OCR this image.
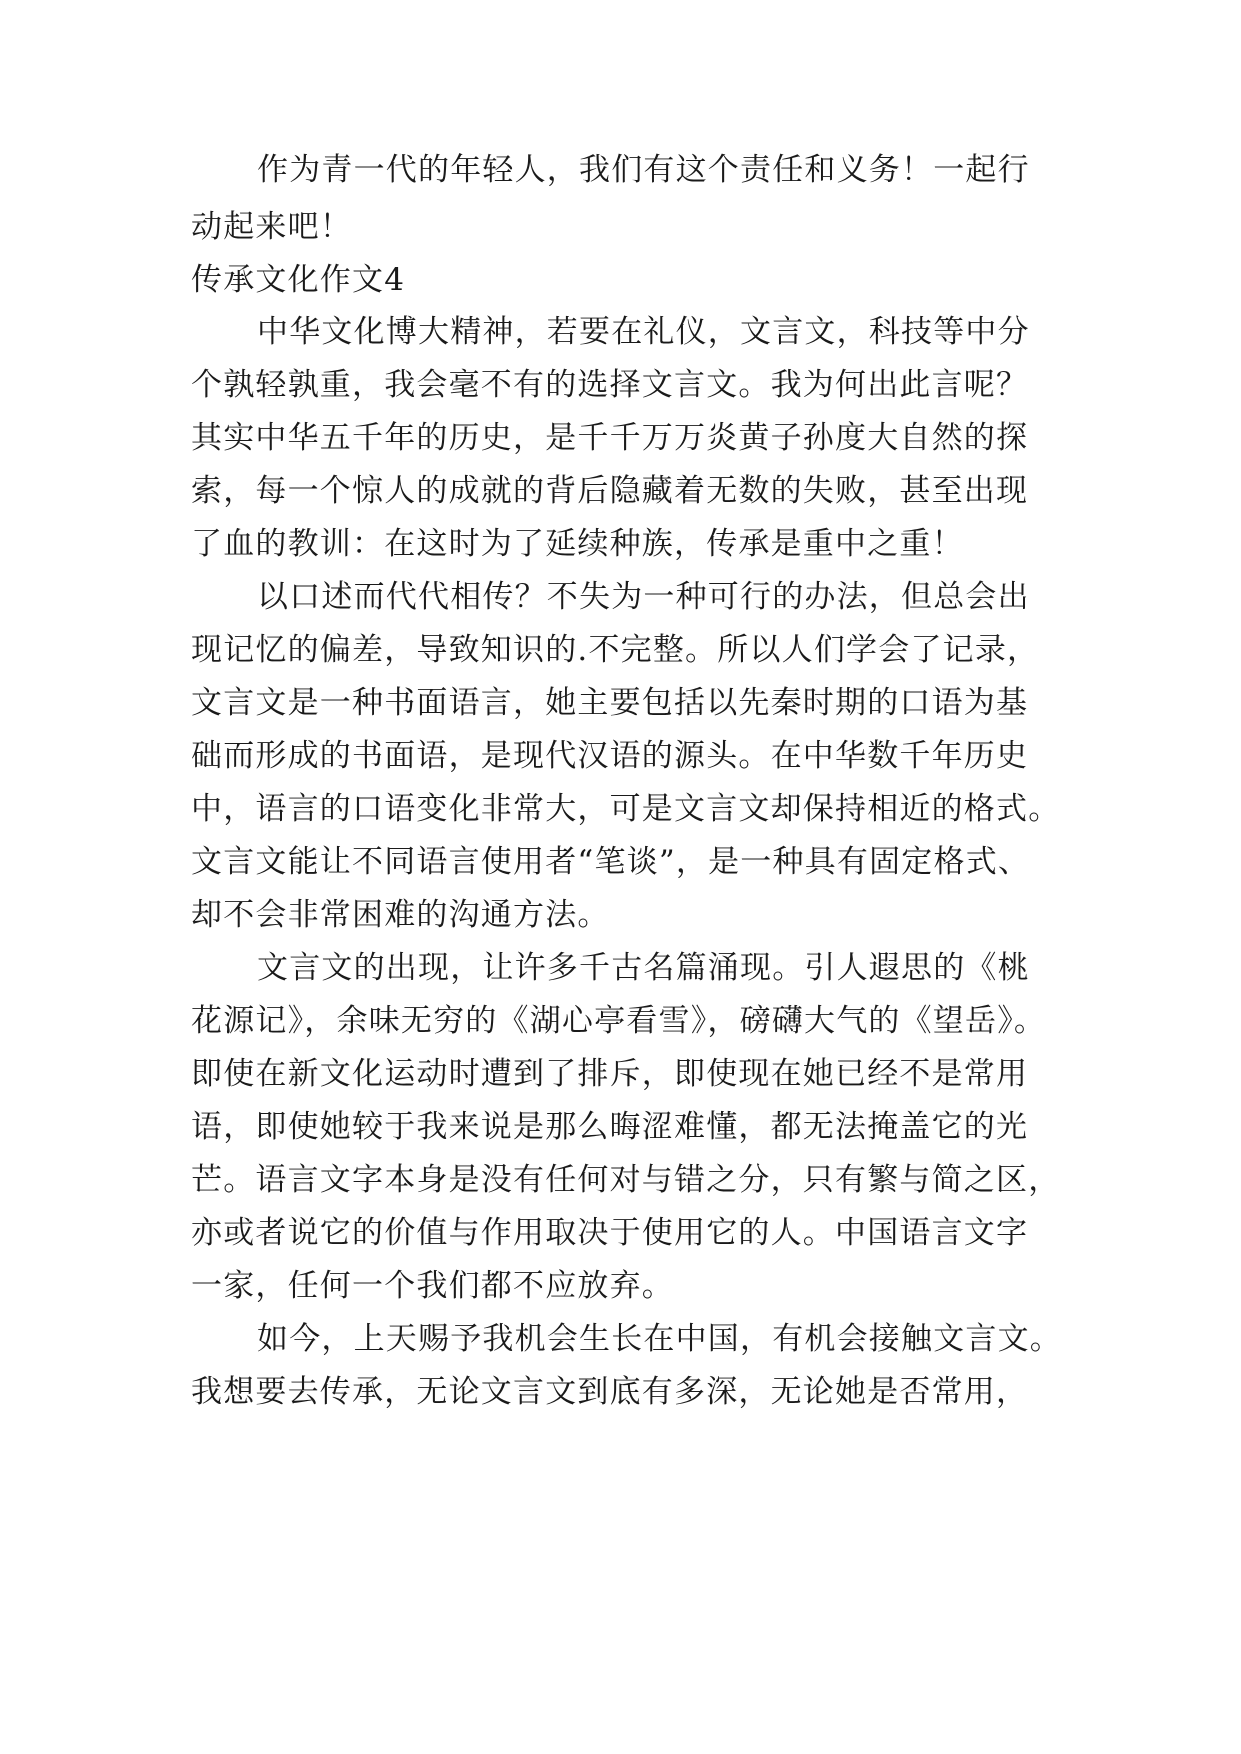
作为青一代的年轻人，我们有这个责任和义务！一起行
动起来吧！
传承文化作文4
中华文化博大精神，若要在礼仪，文言文，科技等中分
个孰轻孰重，我会毫不有的选择文言文。我为何出此言呢？
其实中华五千年的历史，是千千万万炎黄子孙度大自然的探
索，每一个惊人的成就的背后隐藏着无数的失败，甚至出现
了血的教训：在这时为了延续种族，传承是重中之重！
以口述而代代相传？不失为一种可行的办法，但总会出
现记忆的偏差，导致知识的.不完整。所以人们学会了记录，
文言文是一种书面语言，她主要包括以先秦时期的口语为基
础而形成的书面语，是现代汉语的源头。在中华数千年历史
中，语言的口语变化非常大，可是文言文却保持相近的格式。
文言文能让不同语言使用者“笔谈”，是一种具有固定格式、
却不会非常困难的沟通方法。
文言文的出现，让许多千古名篇涌现。引人遐思的《桃
花源记》，余味无穷的《湖心亭看雪》，磅礴大气的《望岳》。
即使在新文化运动时遭到了排斥，即使现在她已经不是常用
语，即使她较于我来说是那么晦涩难懂，都无法掩盖它的光
芒。语言文字本身是没有任何对与错之分，只有繁与简之区，
亦或者说它的价值与作用取决于使用它的人。中国语言文字
一家，任何一个我们都不应放弃。
如今，上天赐予我机会生长在中国，有机会接触文言文。
我想要去传承，无论文言文到底有多深，无论她是否常用，
